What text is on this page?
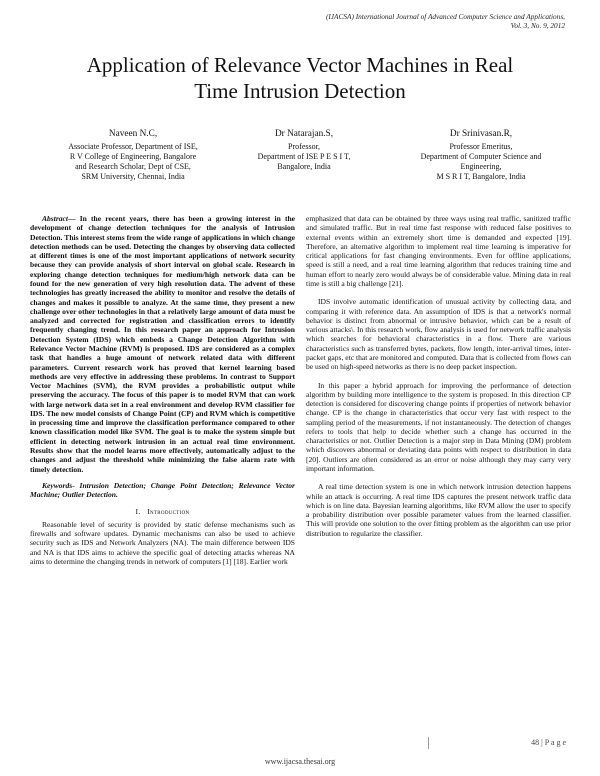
(IJACSA) International Journal of Advanced Computer Science and Applications,
Vol. 3, No. 9, 2012
Application of Relevance Vector Machines in Real
Time Intrusion Detection
Naveen N.C,
Associate Professor, Department of ISE,
R V College of Engineering, Bangalore
and Research Scholar, Dept of CSE,
SRM University, Chennai, India
Dr Natarajan.S,
Professor,
Department of ISE P E S I T,
Bangalore, India
Dr Srinivasan.R,
Professor Emeritus,
Department of Computer Science and
Engineering,
M S R I T, Bangalore, India

Abstract— In the recent years, there has been a growing interest in the development of change detection techniques for the analysis of Intrusion Detection. This interest stems from the wide range of applications in which change detection methods can be used. Detecting the changes by observing data collected at different times is one of the most important applications of network security because they can provide analysis of short interval on global scale. Research in exploring change detection techniques for medium/high network data can be found for the new generation of very high resolution data. The advent of these technologies has greatly increased the ability to monitor and resolve the details of changes and makes it possible to analyze. At the same time, they present a new challenge over other technologies in that a relatively large amount of data must be analyzed and corrected for registration and classification errors to identify frequently changing trend. In this research paper an approach for Intrusion Detection System (IDS) which embeds a Change Detection Algorithm with Relevance Vector Machine (RVM) is proposed. IDS are considered as a complex task that handles a huge amount of network related data with different parameters. Current research work has proved that kernel learning based methods are very effective in addressing these problems. In contrast to Support Vector Machines (SVM), the RVM provides a probabilistic output while preserving the accuracy. The focus of this paper is to model RVM that can work with large network data set in a real environment and develop RVM classifier for IDS. The new model consists of Change Point (CP) and RVM which is competitive in processing time and improve the classification performance compared to other known classification model like SVM. The goal is to make the system simple but efficient in detecting network intrusion in an actual real time environment. Results show that the model learns more effectively, automatically adjust to the changes and adjust the threshold while minimizing the false alarm rate with timely detection.

Keywords- Intrusion Detection; Change Point Detection; Relevance Vector Machine; Outlier Detection.

I. Introduction

Reasonable level of security is provided by static defense mechanisms such as firewalls and software updates. Dynamic mechanisms can also be used to achieve security such as IDS and Network Analyzers (NA). The main difference between IDS and NA is that IDS aims to achieve the specific goal of detecting attacks whereas NA aims to determine the changing trends in network of computers [1] [18]. Earlier work

emphasized that data can be obtained by three ways using real traffic, sanitized traffic and simulated traffic. But in real time fast response with reduced false positives to external events within an extremely short time is demanded and expected [19]. Therefore, an alternative algorithm to implement real time learning is imperative for critical applications for fast changing environments. Even for offline applications, speed is still a need, and a real time learning algorithm that reduces training time and human effort to nearly zero would always be of considerable value. Mining data in real time is still a big challenge [21].

IDS involve automatic identification of unusual activity by collecting data, and comparing it with reference data. An assumption of IDS is that a network's normal behavior is distinct from abnormal or intrusive behavior, which can be a result of various attacks\. In this research work, flow analysis is used for network traffic analysis which searches for behavioral characteristics in a flow. There are various characteristics such as transferred bytes, packets, flow length, inter-arrival times, inter-packet gaps, etc that are monitored and computed. Data that is collected from flows can be used on high-speed networks as there is no deep packet inspection.

In this paper a hybrid approach for improving the performance of detection algorithm by building more intelligence to the system is proposed. In this direction CP detection is considered for discovering change points if properties of network behavior change. CP is the change in characteristics that occur very fast with respect to the sampling period of the measurements, if not instantaneously. The detection of changes refers to tools that help to decide whether such a change has occurred in the characteristics or not. Outlier Detection is a major step in Data Mining (DM) problem which discovers abnormal or deviating data points with respect to distribution in data [20]. Outliers are often considered as an error or noise although they may carry very important information.

A real time detection system is one in which network intrusion detection happens while an attack is occurring. A real time IDS captures the present network traffic data which is on line data. Bayesian learning algorithms, like RVM allow the user to specify a probability distribution over possible parameter values from the learned classifier. This will provide one solution to the over fitting problem as the algorithm can use prior distribution to regularize the classifier.

48 | P a g e
www.ijacsa.thesai.org
